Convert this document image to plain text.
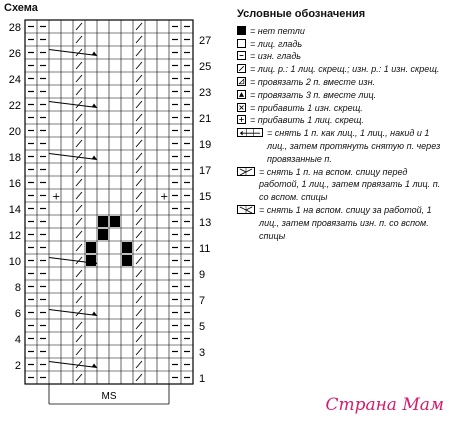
Схема
+	+
28
26
24
22
20
18
16
14
12
10
8
6
4
2
27
25
23
21
19
17
15
13
11
9
7
5
3
1
MS
Условные обозначения
= нет петли
= лиц. гладь
= изн. гладь
= лиц. р.: 1 лиц. скрещ.; изн. р.: 1 изн. скрещ.
= провязать 2 п. вместе изн.
= провязать 3 п. вместе лиц.
= прибавить 1 изн. скрещ.
= прибавить 1 лиц. скрещ.
= снять 1 п. как лиц., 1 лиц., накид и 1 лиц., затем протянуть снятую п. через провязанные п.
= снять 1 п. на вспом. спицу перед работой, 1 лиц., затем првязать 1 лиц. п. со вспом. спицы
= снять 1 на вспом. спицу за работой, 1 лиц., затем провязать изн. п. со вспом. спицы
Страна Мам
